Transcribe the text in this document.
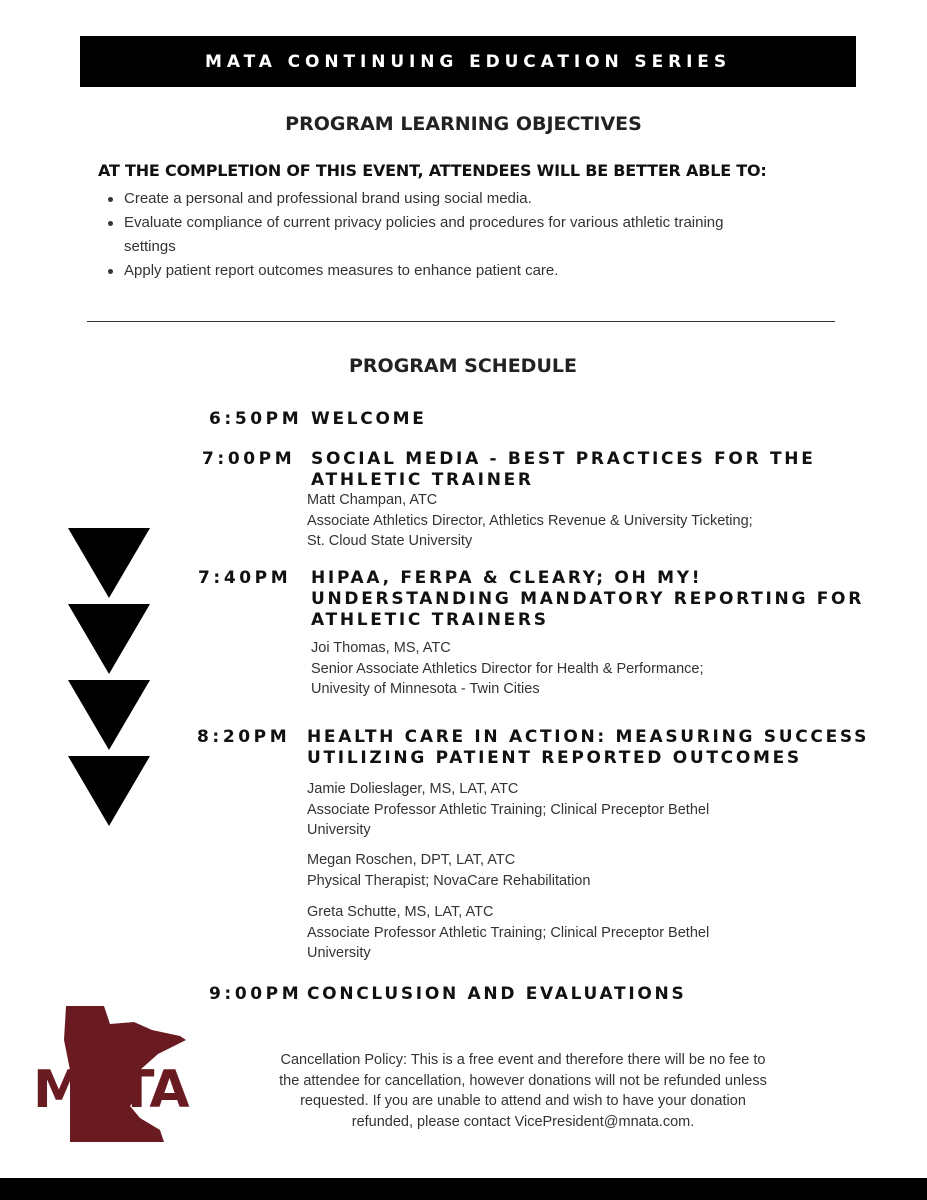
MATA CONTINUING EDUCATION SERIES
PROGRAM LEARNING OBJECTIVES
AT THE COMPLETION OF THIS EVENT, ATTENDEES WILL BE BETTER ABLE TO:
Create a personal and professional brand using social media.
Evaluate compliance of current privacy policies and procedures for various athletic training
settings
Apply patient report outcomes measures to enhance patient care.
PROGRAM SCHEDULE
6:50PM WELCOME
7:00PM SOCIAL MEDIA - BEST PRACTICES FOR THE
ATHLETIC TRAINER
Matt Champan, ATC
Associate Athletics Director, Athletics Revenue & University Ticketing;
St. Cloud State University
7:40PM HIPAA, FERPA & CLEARY; OH MY!
UNDERSTANDING MANDATORY REPORTING FOR
ATHLETIC TRAINERS
Joi Thomas, MS, ATC
Senior Associate Athletics Director for Health & Performance;
Univesity of Minnesota - Twin Cities
8:20PM HEALTH CARE IN ACTION: MEASURING SUCCESS
UTILIZING PATIENT REPORTED OUTCOMES
Jamie Dolieslager, MS, LAT, ATC
Associate Professor Athletic Training; Clinical Preceptor Bethel
University
Megan Roschen, DPT, LAT, ATC
Physical Therapist; NovaCare Rehabilitation
Greta Schutte, MS, LAT, ATC
Associate Professor Athletic Training; Clinical Preceptor Bethel
University
9:00PM CONCLUSION AND EVALUATIONS
MATA	Cancellation Policy: This is a free event and therefore there will be no fee to
the attendee for cancellation, however donations will not be refunded unless
requested. If you are unable to attend and wish to have your donation
refunded, please contact VicePresident@mnata.com.
